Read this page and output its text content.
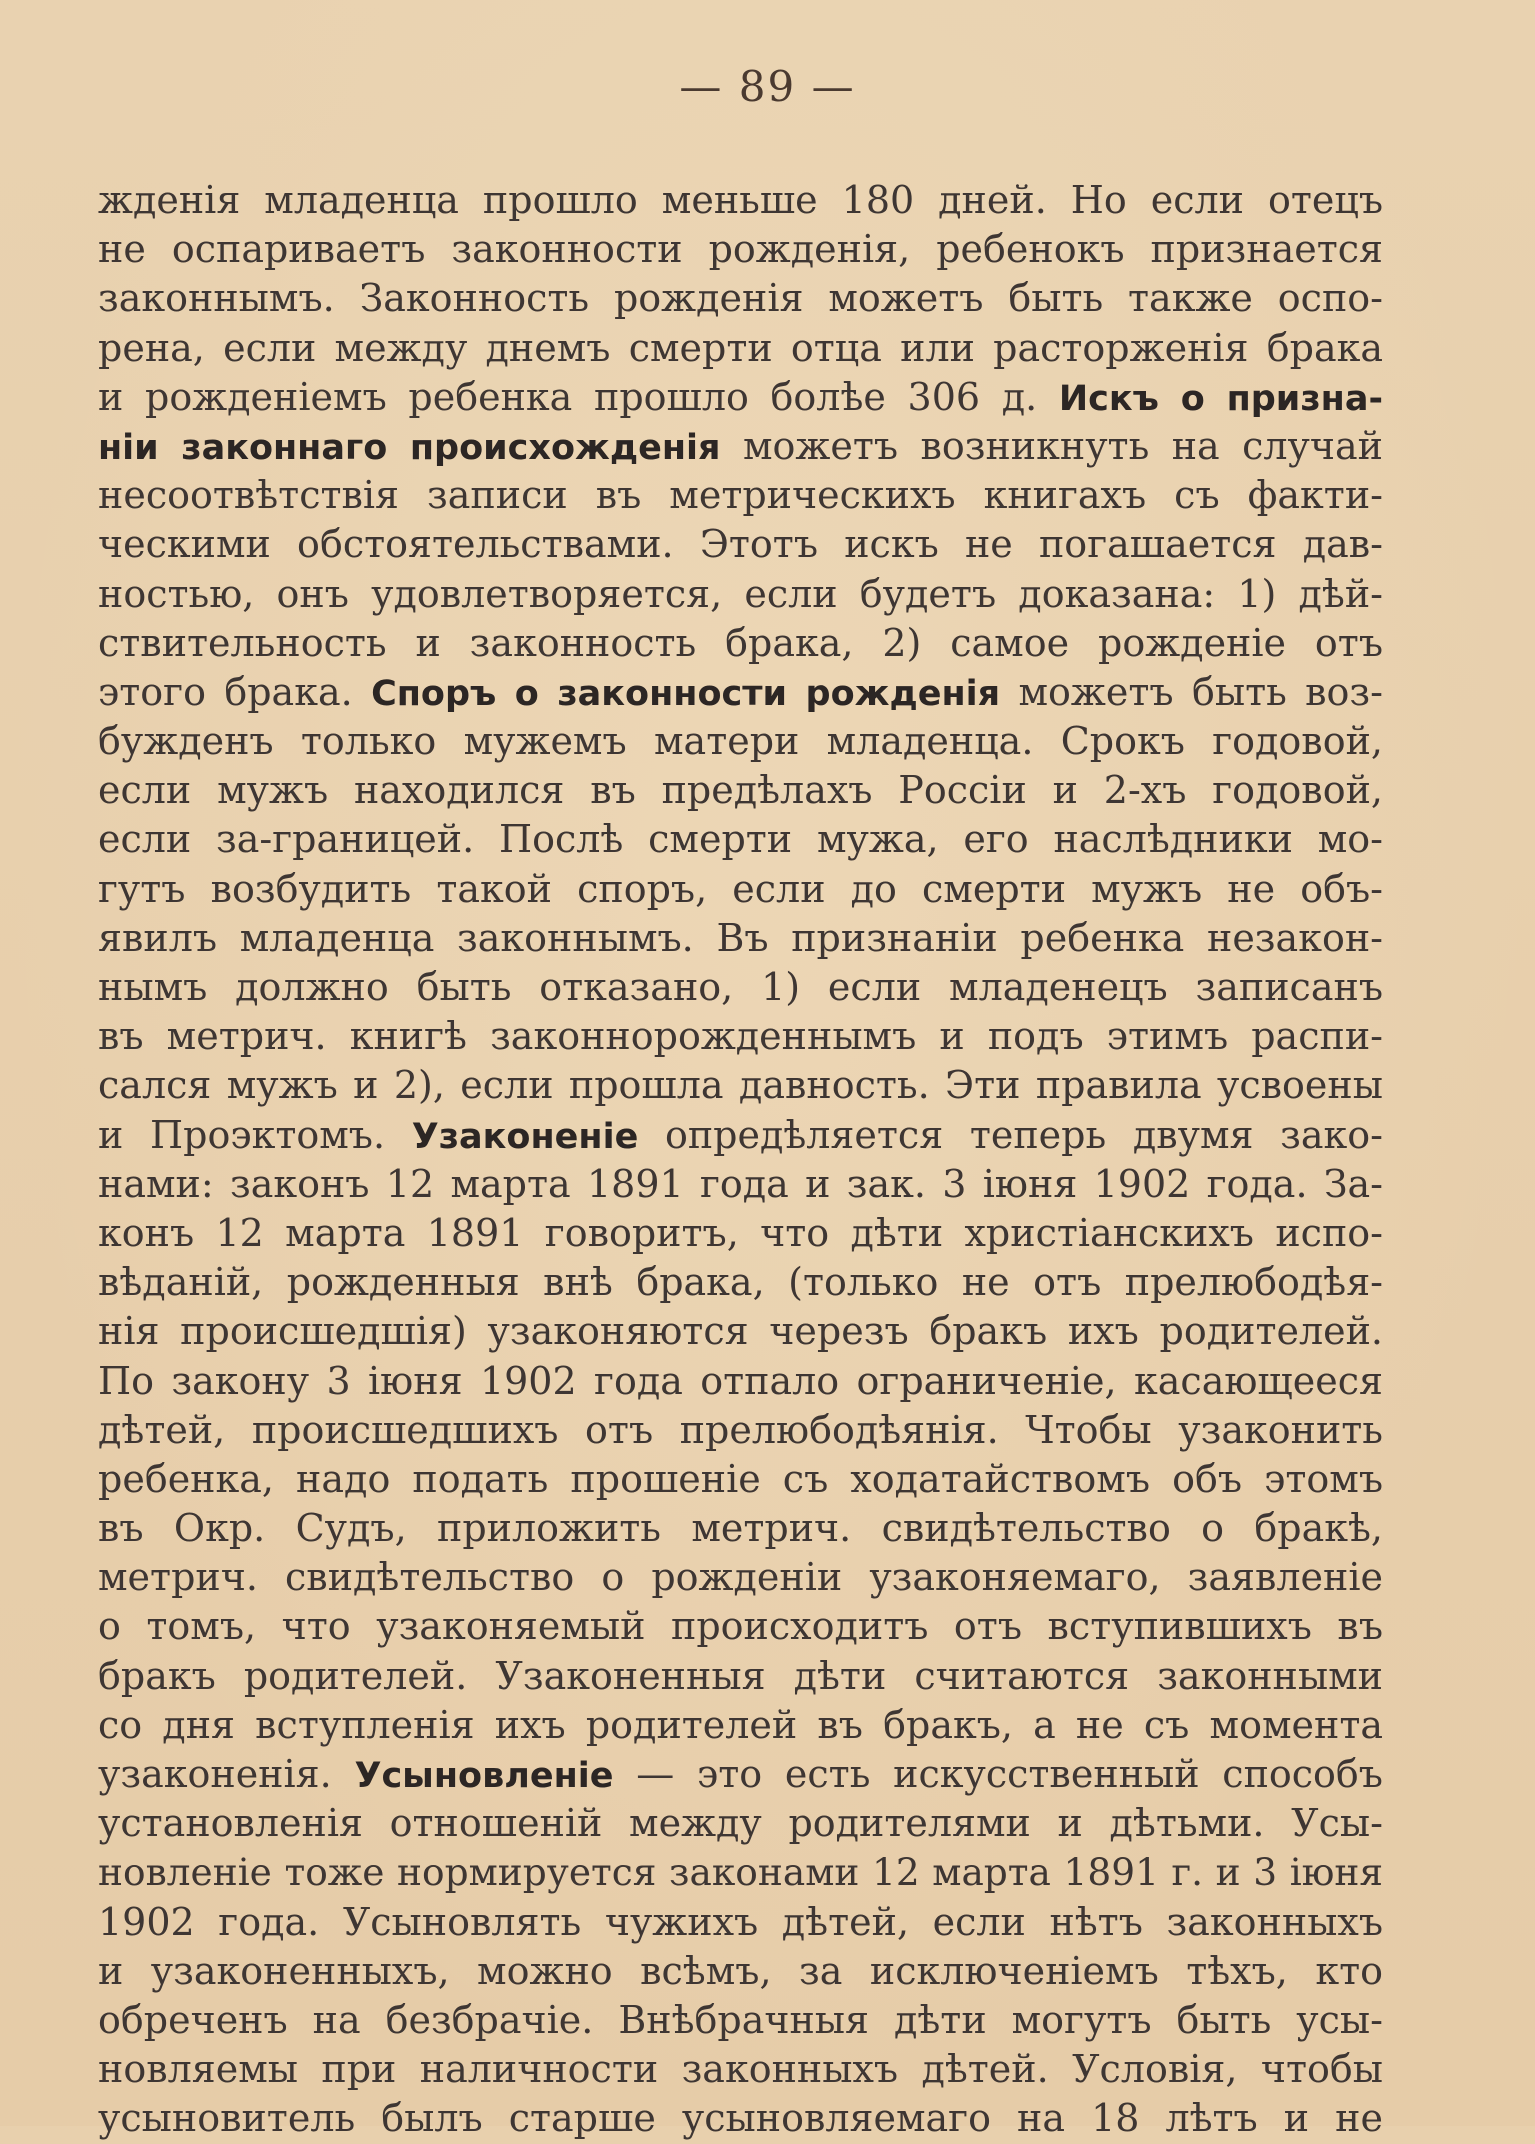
— 89 —
жденія младенца прошло меньше 180 дней. Но если отецъ
не оспариваетъ законности рожденія, ребенокъ признается
законнымъ. Законность рожденія можетъ быть также оспо-
рена, если между днемъ смерти отца или расторженія брака
и рожденіемъ ребенка прошло болѣе 306 д. Искъ о призна-
ніи законнаго происхожденія можетъ возникнуть на случай
несоотвѣтствія записи въ метрическихъ книгахъ съ факти-
ческими обстоятельствами. Этотъ искъ не погашается дав-
ностью, онъ удовлетворяется, если будетъ доказана: 1) дѣй-
ствительность и законность брака, 2) самое рожденіе отъ
этого брака. Споръ о законности рожденія можетъ быть воз-
бужденъ только мужемъ матери младенца. Срокъ годовой,
если мужъ находился въ предѣлахъ Россіи и 2-хъ годовой,
если за-границей. Послѣ смерти мужа, его наслѣдники мо-
гутъ возбудить такой споръ, если до смерти мужъ не объ-
явилъ младенца законнымъ. Въ признаніи ребенка незакон-
нымъ должно быть отказано, 1) если младенецъ записанъ
въ метрич. книгѣ законнорожденнымъ и подъ этимъ распи-
сался мужъ и 2), если прошла давность. Эти правила усвоены
и Проэктомъ. Узаконеніе опредѣляется теперь двумя зако-
нами: законъ 12 марта 1891 года и зак. 3 іюня 1902 года. За-
конъ 12 марта 1891 говоритъ, что дѣти христіанскихъ испо-
вѣданій, рожденныя внѣ брака, (только не отъ прелюбодѣя-
нія происшедшія) узаконяются черезъ бракъ ихъ родителей.
По закону 3 іюня 1902 года отпало ограниченіе, касающееся
дѣтей, происшедшихъ отъ прелюбодѣянія. Чтобы узаконить
ребенка, надо подать прошеніе съ ходатайствомъ объ этомъ
въ Окр. Судъ, приложить метрич. свидѣтельство о бракѣ,
метрич. свидѣтельство о рожденіи узаконяемаго, заявленіе
о томъ, что узаконяемый происходитъ отъ вступившихъ въ
бракъ родителей. Узаконенныя дѣти считаются законными
со дня вступленія ихъ родителей въ бракъ, а не съ момента
узаконенія. Усыновленіе — это есть искусственный способъ
установленія отношеній между родителями и дѣтьми. Усы-
новленіе тоже нормируется законами 12 марта 1891 г. и 3 іюня
1902 года. Усыновлять чужихъ дѣтей, если нѣтъ законныхъ
и узаконенныхъ, можно всѣмъ, за исключеніемъ тѣхъ, кто
обреченъ на безбрачіе. Внѣбрачныя дѣти могутъ быть усы-
новляемы при наличности законныхъ дѣтей. Условія, чтобы
усыновитель былъ старше усыновляемаго на 18 лѣтъ и не
